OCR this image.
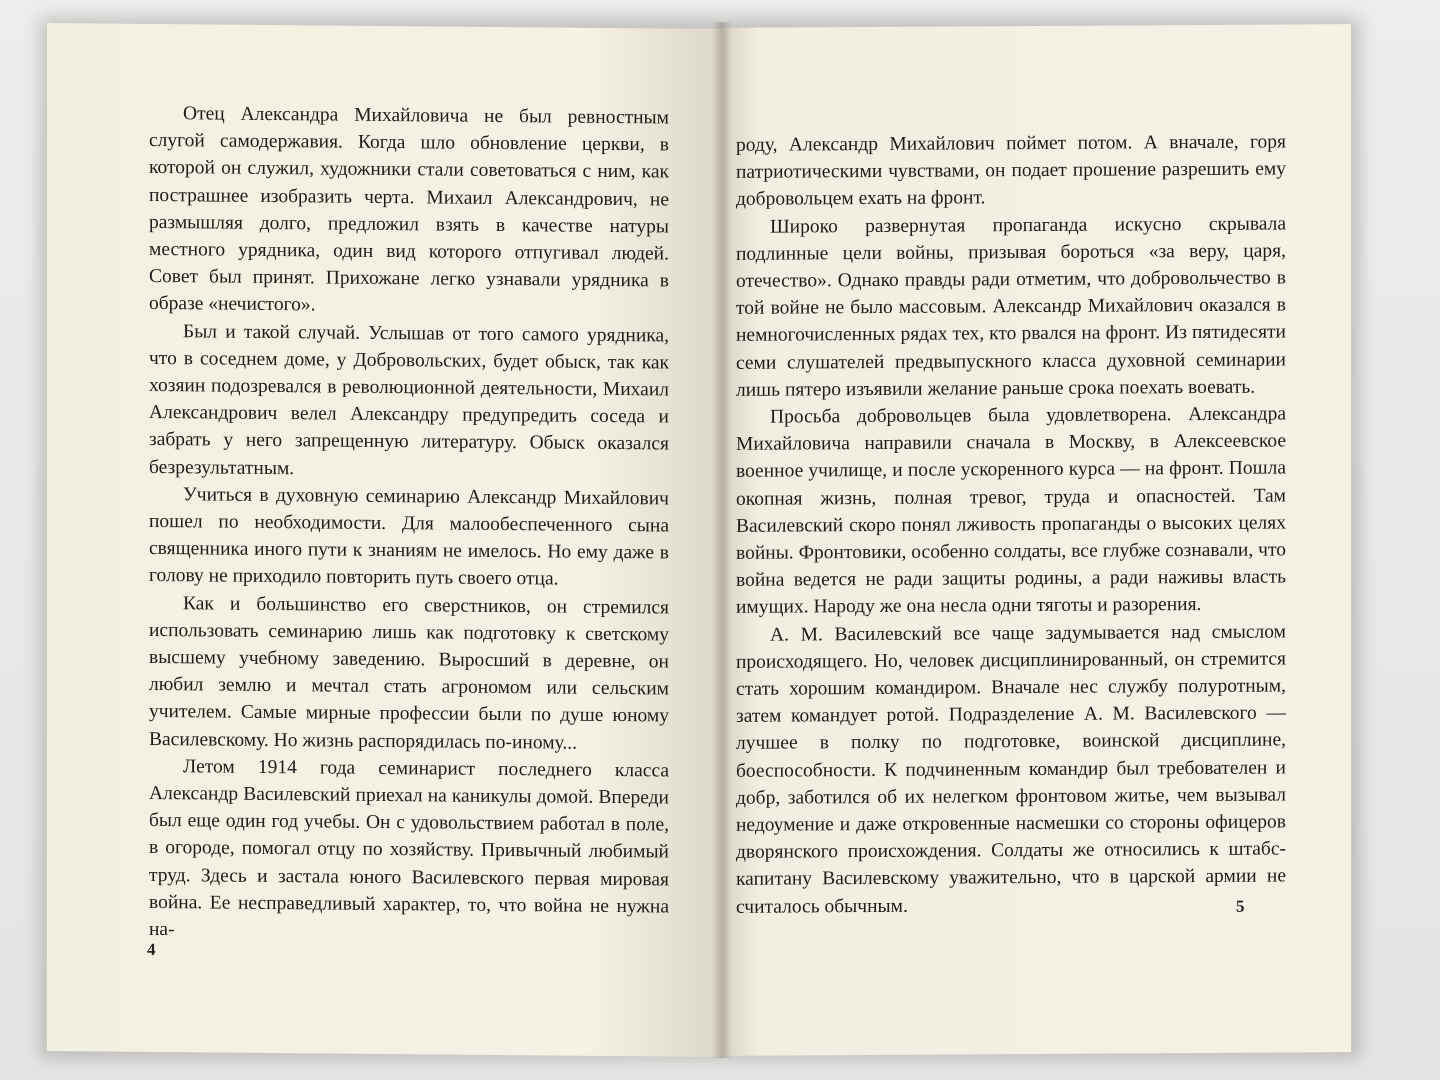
Отец Александра Михайловича не был ревностным слугой самодержавия. Когда шло обновление церкви, в которой он служил, художники стали советоваться с ним, как пострашнее изобразить черта. Михаил Александрович, не размышляя долго, предложил взять в качестве натуры местного урядника, один вид которого отпугивал людей. Совет был принят. Прихожане легко узнавали урядника в образе «нечистого».

Был и такой случай. Услышав от того самого урядника, что в соседнем доме, у Добровольских, будет обыск, так как хозяин подозревался в революционной деятельности, Михаил Александрович велел Александру предупредить соседа и забрать у него запрещенную литературу. Обыск оказался безрезультатным.

Учиться в духовную семинарию Александр Михайлович пошел по необходимости. Для малообеспеченного сына священника иного пути к знаниям не имелось. Но ему даже в голову не приходило повторить путь своего отца.

Как и большинство его сверстников, он стремился использовать семинарию лишь как подготовку к светскому высшему учебному заведению. Выросший в деревне, он любил землю и мечтал стать агрономом или сельским учителем. Самые мирные профессии были по душе юному Василевскому. Но жизнь распорядилась по-иному...

Летом 1914 года семинарист последнего класса Александр Василевский приехал на каникулы домой. Впереди был еще один год учебы. Он с удовольствием работал в поле, в огороде, помогал отцу по хозяйству. Привычный любимый труд. Здесь и застала юного Василевского первая мировая война. Ее несправедливый характер, то, что война не нужна на-

4

роду, Александр Михайлович поймет потом. А вначале, горя патриотическими чувствами, он подает прошение разрешить ему добровольцем ехать на фронт.

Широко развернутая пропаганда искусно скрывала подлинные цели войны, призывая бороться «за веру, царя, отечество». Однако правды ради отметим, что добровольчество в той войне не было массовым. Александр Михайлович оказался в немногочисленных рядах тех, кто рвался на фронт. Из пятидесяти семи слушателей предвыпускного класса духовной семинарии лишь пятеро изъявили желание раньше срока поехать воевать.

Просьба добровольцев была удовлетворена. Александра Михайловича направили сначала в Москву, в Алексеевское военное училище, и после ускоренного курса — на фронт. Пошла окопная жизнь, полная тревог, труда и опасностей. Там Василевский скоро понял лживость пропаганды о высоких целях войны. Фронтовики, особенно солдаты, все глубже сознавали, что война ведется не ради защиты родины, а ради наживы власть имущих. Народу же она несла одни тяготы и разорения.

А. М. Василевский все чаще задумывается над смыслом происходящего. Но, человек дисциплинированный, он стремится стать хорошим командиром. Вначале нес службу полуротным, затем командует ротой. Подразделение А. М. Василевского — лучшее в полку по подготовке, воинской дисциплине, боеспособности. К подчиненным командир был требователен и добр, заботился об их нелегком фронтовом житье, чем вызывал недоумение и даже откровенные насмешки со стороны офицеров дворянского происхождения. Солдаты же относились к штабс-капитану Василевскому уважительно, что в царской армии не считалось обычным.	5
